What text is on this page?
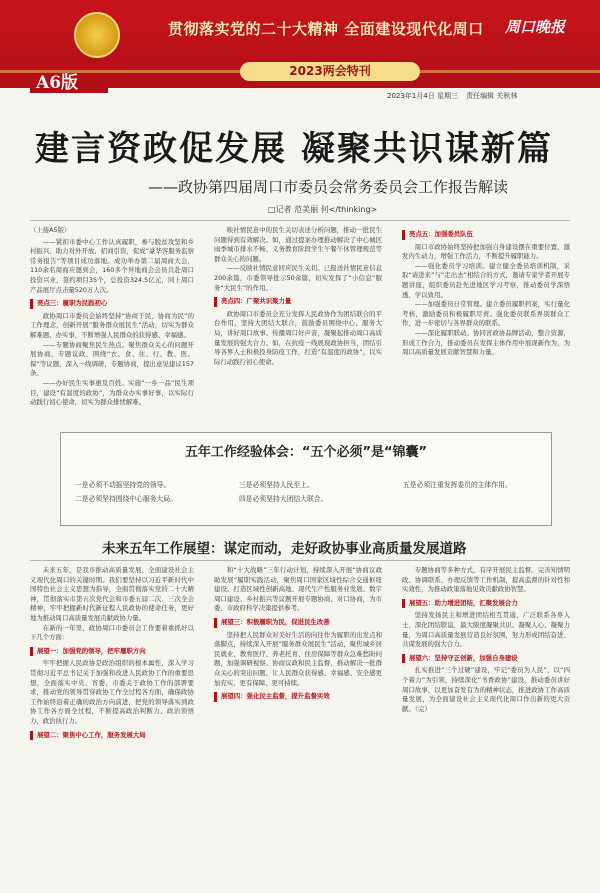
贯彻落实党的二十大精神 全面建设现代化周口 周口晚报
2023两会特刊
A6版
2023年1月4日 星期三 责任编辑 关秋林
建言资政促发展 凝聚共识谋新篇
——政协第四届周口市委员会常务委员会工作报告解读
□记者 范美丽 何</thinking>

（上接A5版）

——紧扣市委中心工作认真履职，参与脱贫攻坚和乡村振兴、助力对外开放、招商引资，促成“豪华客服务监察常务报告”等项目成功落地。成功举办第二届周商大会，110余名周商应邀到会，160多个异地商会会员共赴周口投资兴业，签约项目35个，总投资324.5亿元，同上周口产品展厅点击量520万人次。

亮点三：履职为民践初心

政协周口市委员会始终坚持“协商于民、协商为民”的工作理念，创新开展“服务群众展民生”活动，切实为群众解难题、办实事，不断增强人民群众的获得感、幸福感。

——专题协商聚焦民生热点。聚焦群众关心的问题开展协商，专题议政，围绕“衣、食、住、行、教、医、保”等议题，深入一线调研，专题协商，提出意见建议157条。

——办好民生实事惠及百姓。实施“一乡一品”民生项目，建设“有温度的政协”，为群众办实事好事，以实际行动践行初心使命，切实为群众排忧解难。

映社情民意中的民生关切表述分析问题，推动一批民生问题得到有效解决。如，通过提案办理推动解决了中心城区雨季城市排水不畅、义务教育阶段学生午餐午休管理规范等群众关心的问题。

——反映社情民意回应民生关切。已报送社情民意信息200余篇，市委领导批示50余篇，切实发挥了“小信息”服务“大民生”的作用。

亮点四：广聚共识聚力量

政协周口市委员会充分发挥人民政协作为团结联合的平台作用，坚持大团结大联合，鼓励委员围绕中心、服务大局，讲好周口故事、传播周口好声音，凝聚起推动周口高质量发展的强大合力。如，在抗疫一线展现政协担当，团结引导各界人士积极投身防疫工作，打造“有温度的政协”，以实际行动践行初心使命。

亮点五：加强委员队伍

周口市政协始终坚持把加强自身建设摆在重要位置，激发内生动力，增强工作活力，不断提升履职能力。

——强化委员学习培训。建立健全委员培训机制，采取“请进来”与“走出去”相结合的方式，邀请专家学者开展专题讲座，组织委员赴先进地区学习考察，推动委员学深悟透、学以致用。

——加强委员日常管理。建立委员履职档案，实行量化考核，激励委员积极履职尽责。强化委员联系界别群众工作，进一步密切与各界群众的联系。

——深化履职联动。协同省政协品牌活动，整合资源，形成工作合力，推动委员在发挥主体作用中展现新作为，为周口高质量发展贡献智慧和力量。

五年工作经验体会：“五个必须”是“锦囊”
一是必须不动摇坚持党的领导。
二是必须坚持围绕中心服务大局。
三是必须坚持人民至上。
四是必须坚持大团结大联合。
五是必须注重发挥委员的主体作用。
未来五年工作展望：谋定而动，走好政协事业高质量发展道路

未来五年，是我市推动高质量发展、全面建设社会主义现代化周口的关键时期。我们要坚持以习近平新时代中国特色社会主义思想为指导，全面贯彻落实党的二十大精神，贯彻落实市第五次党代会和市委五届二次、三次全会精神，牢牢把握新时代新征程人民政协的使命任务，更好地为推动周口高质量发展贡献政协力量。

在新的一年里，政协周口市委员会工作要着重抓好以下几个方面：

展望一：加强党的领导，把牢履职方向

牢牢把握人民政协是政治组织的根本属性，深入学习贯彻习近平总书记关于加强和改进人民政协工作的重要思想，全面落实中央、省委、市委关于政协工作的部署要求，推动党的领导贯穿政协工作全过程各方面，确保政协工作始终沿着正确的政治方向前进，把党的领导落实到政协工作各方面全过程，不断提高政治判断力、政治领悟力、政治执行力。

展望二：聚焦中心工作，服务发展大局

和“十大战略”三年行动计划，持续深入开展“协商议政助发展”履职实践活动，聚焦周口国家区域性综合交通枢纽建设、打造区域性创新高地、现代生产性服务业发展、数字周口建设、乡村振兴等议题开展专题协商、对口协商，为市委、市政府科学决策提供参考。

展望三：积极履职为民，促进民生改善

坚持把人民群众对美好生活的向往作为履职的出发点和落脚点，持续深入开展“服务群众展民生”活动，聚焦城乡居民就业、教育医疗、养老托育、住房保障等群众急难愁盼问题，加强调研视察、协商议政和民主监督，推动解决一批群众关心的突出问题，让人民群众获得感、幸福感、安全感更加充实、更有保障、更可持续。

展望四：强化民主监督，提升监督实效

专题协商等多种方式，有序开展民主监督。完善知情明政、协调联系、办理反馈等工作机制，提高监督的针对性和实效性，为推动政策落地见效贡献政协智慧。

展望五：助力增进团结，汇聚发展合力

坚持发扬民主和增进团结相互贯通，广泛联系各界人士，深化团结联谊，最大限度凝聚共识、凝聚人心、凝聚力量，为周口高质量发展营造良好氛围，努力形成团结奋进、共谋发展的强大合力。

展望六：坚持守正创新，加强自身建设

扎实推进“三个过硬”建设，牢记“委员为人民”，以“四个着力”为引领，持续深化“书香政协”建设，推动委员讲好周口故事，以更加奋发有为的精神状态，推进政协工作高质量发展，为全面建设社会主义现代化周口作出新的更大贡献。（完）
